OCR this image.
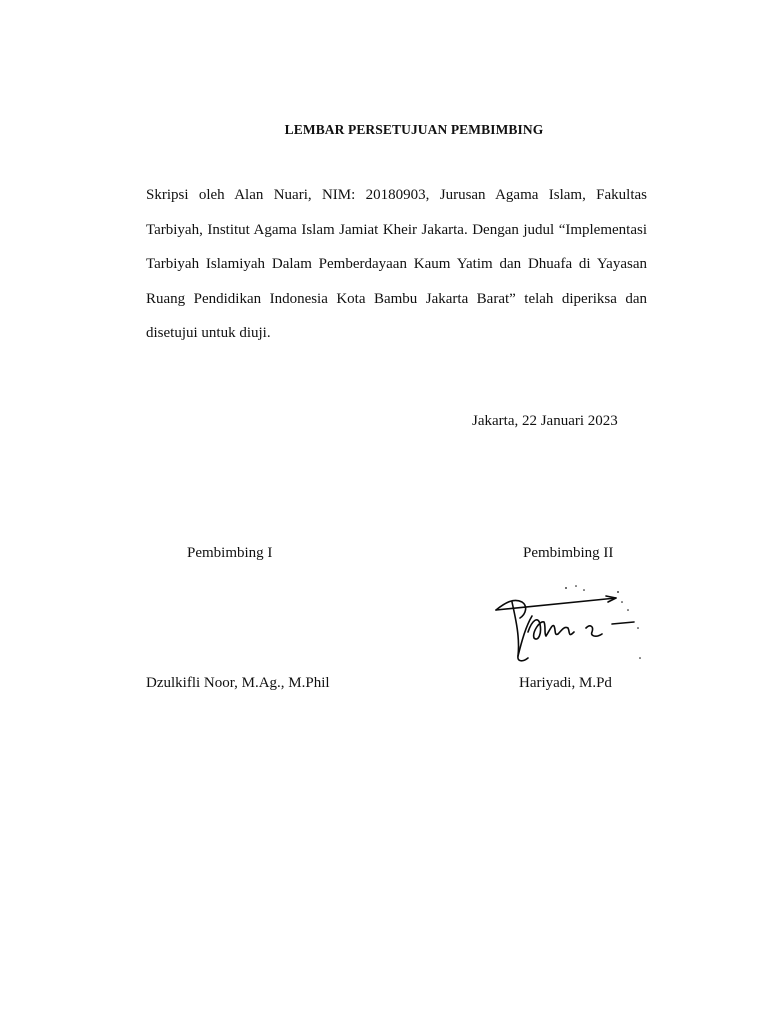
LEMBAR PERSETUJUAN PEMBIMBING
Skripsi oleh Alan Nuari, NIM: 20180903, Jurusan Agama Islam, Fakultas Tarbiyah, Institut Agama Islam Jamiat Kheir Jakarta. Dengan judul “Implementasi Tarbiyah Islamiyah Dalam Pemberdayaan Kaum Yatim dan Dhuafa di Yayasan Ruang Pendidikan Indonesia Kota Bambu Jakarta Barat” telah diperiksa dan disetujui untuk diuji.
Jakarta, 22 Januari 2023
Pembimbing I	Pembimbing II
Dzulkifli Noor, M.Ag., M.Phil	Hariyadi, M.Pd
